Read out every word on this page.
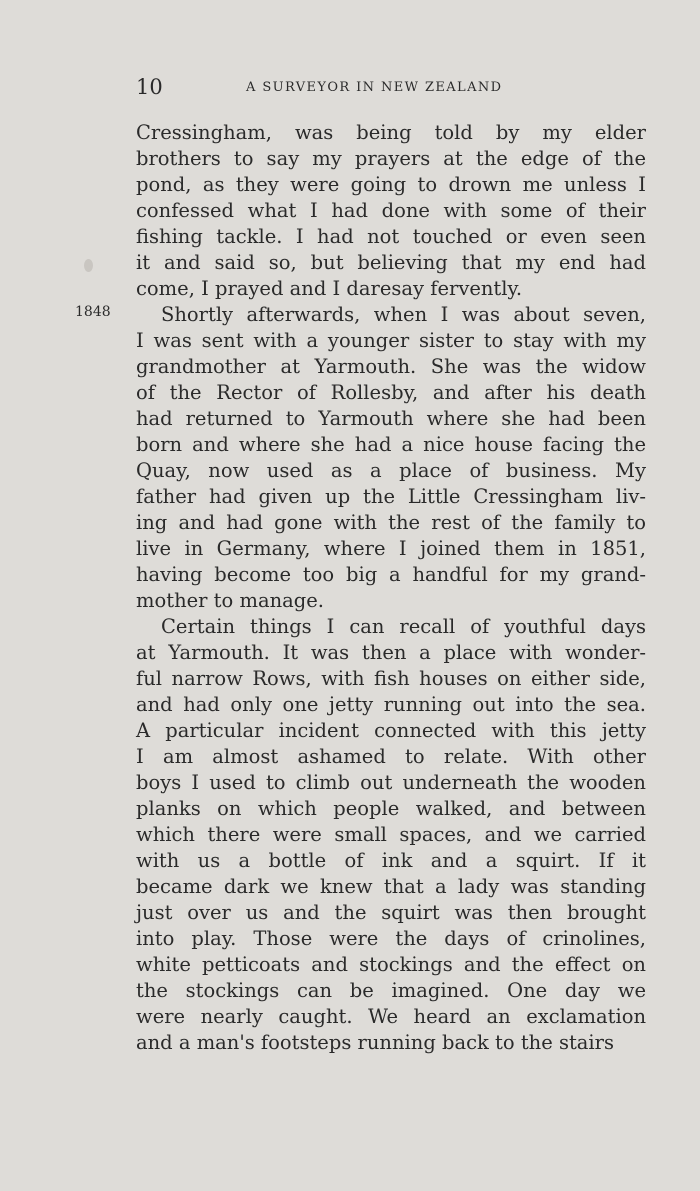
10	A SURVEYOR IN NEW ZEALAND
1848
Cressingham, was being told by my elder
brothers to say my prayers at the edge of the
pond, as they were going to drown me unless I
confessed what I had done with some of their
fishing tackle. I had not touched or even seen
it and said so, but believing that my end had
come, I prayed and I daresay fervently.
Shortly afterwards, when I was about seven,
I was sent with a younger sister to stay with my
grandmother at Yarmouth. She was the widow
of the Rector of Rollesby, and after his death
had returned to Yarmouth where she had been
born and where she had a nice house facing the
Quay, now used as a place of business. My
father had given up the Little Cressingham liv-
ing and had gone with the rest of the family to
live in Germany, where I joined them in 1851,
having become too big a handful for my grand-
mother to manage.
Certain things I can recall of youthful days
at Yarmouth. It was then a place with wonder-
ful narrow Rows, with fish houses on either side,
and had only one jetty running out into the sea.
A particular incident connected with this jetty
I am almost ashamed to relate. With other
boys I used to climb out underneath the wooden
planks on which people walked, and between
which there were small spaces, and we carried
with us a bottle of ink and a squirt. If it
became dark we knew that a lady was standing
just over us and the squirt was then brought
into play. Those were the days of crinolines,
white petticoats and stockings and the effect on
the stockings can be imagined. One day we
were nearly caught. We heard an exclamation
and a man's footsteps running back to the stairs
